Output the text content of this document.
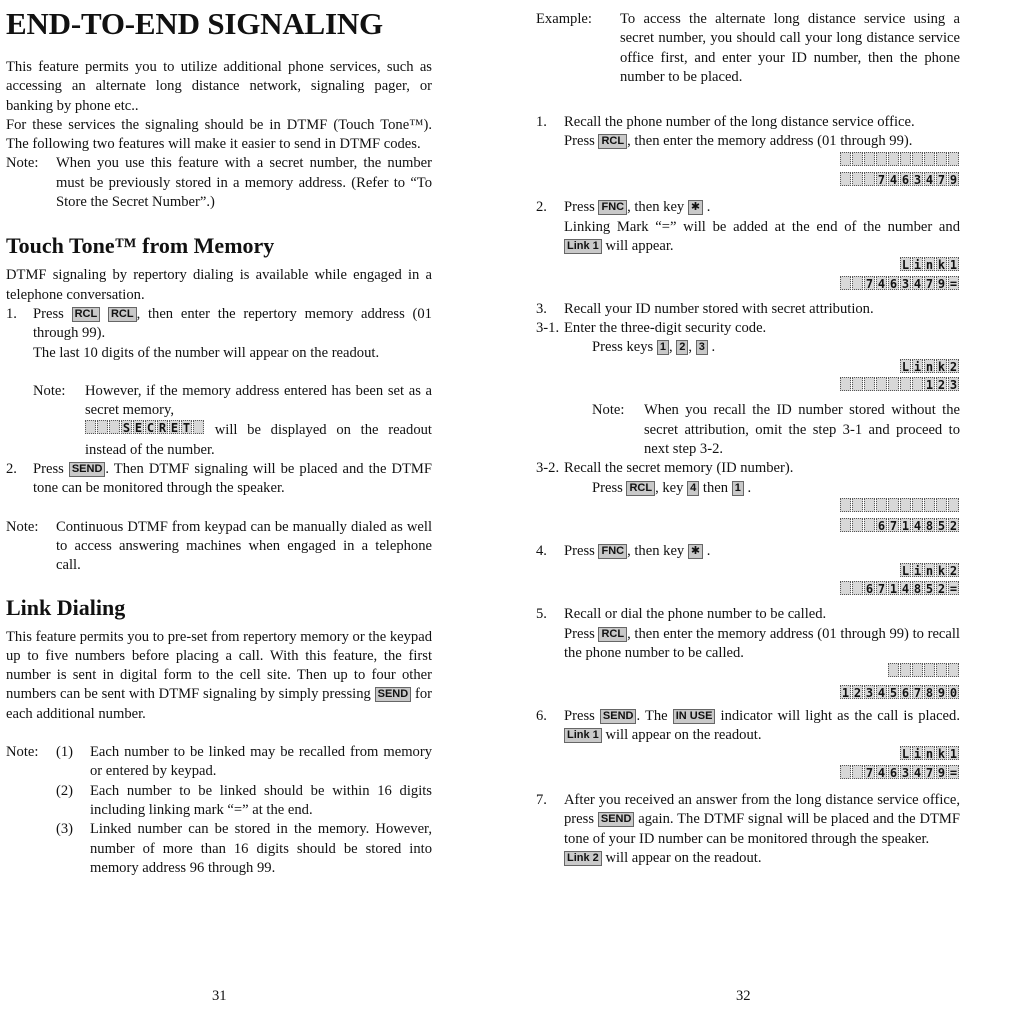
END-TO-END SIGNALING

This feature permits you to utilize additional phone services, such as accessing an alternate long distance network, signaling pager, or banking by phone etc..

For these services the signaling should be in DTMF (Touch Tone™). The following two features will make it easier to send in DTMF codes.

Note:	When you use this feature with a secret number, the number must be previously stored in a memory address. (Refer to “To Store the Secret Number”.)
Touch Tone™ from Memory

DTMF signaling by repertory dialing is available while engaged in a telephone conversation.

1.	Press RCL RCL , then enter the repertory memory address (01 through 99).
The last 10 digits of the number will appear on the readout.
Note:	However, if the memory address entered has been set as a secret memory,

S E C R E T will be displayed on the readout instead of the number.
2.	Press SEND . Then DTMF signaling will be placed and the DTMF tone can be monitored through the speaker.
Note:	Continuous DTMF from keypad can be manually dialed as well to access answering machines when engaged in a telephone call.
Link Dialing

This feature permits you to pre-set from repertory memory or the keypad up to five numbers before placing a call. With this feature, the first number is sent in digital form to the cell site. Then up to four other numbers can be sent with DTMF signaling by simply pressing SEND for each additional number.

Note:	(1)	Each number to be linked may be recalled from memory or entered by keypad.
(2)	Each number to be linked should be within 16 digits including linking mark “=” at the end.
(3)	Linked number can be stored in the memory. However, number of more than 16 digits should be stored into memory address 96 through 99.
31
Example:	To access the alternate long distance service using a secret number, you should call your long distance service office first, and enter your ID number, then the phone number to be placed.
1.	Recall the phone number of the long distance service office.
Press RCL , then enter the memory address (01 through 99).

7 4 6 3 4 7 9
2.	Press FNC , then key ✱ .
Linking Mark “=” will be added at the end of the number and Link 1 will appear.
L i n k 1

7 4 6 3 4 7 9 =
3.	Recall your ID number stored with secret attribution.
3-1. Enter the three-digit security code.
Press keys 1 , 2 , 3 .
L i n k 2

1 2 3
Note:	When you recall the ID number stored without the secret attribution, omit the step 3-1 and proceed to next step 3-2.
3-2. Recall the secret memory (ID number).
Press RCL , key 4 then 1 .

6 7 1 4 8 5 2
4.	Press FNC , then key ✱ .
L i n k 2

6 7 1 4 8 5 2 =
5.	Recall or dial the phone number to be called.
Press RCL , then enter the memory address (01 through 99) to recall the phone number to be called.

1 2 3 4 5 6 7 8 9 0
6.	Press SEND . The IN USE indicator will light as the call is placed. Link 1 will appear on the readout.
L i n k 1

7 4 6 3 4 7 9 =
7.	After you received an answer from the long distance service office, press SEND again. The DTMF signal will be placed and the DTMF tone of your ID number can be monitored through the speaker.
Link 2 will appear on the readout.
32
